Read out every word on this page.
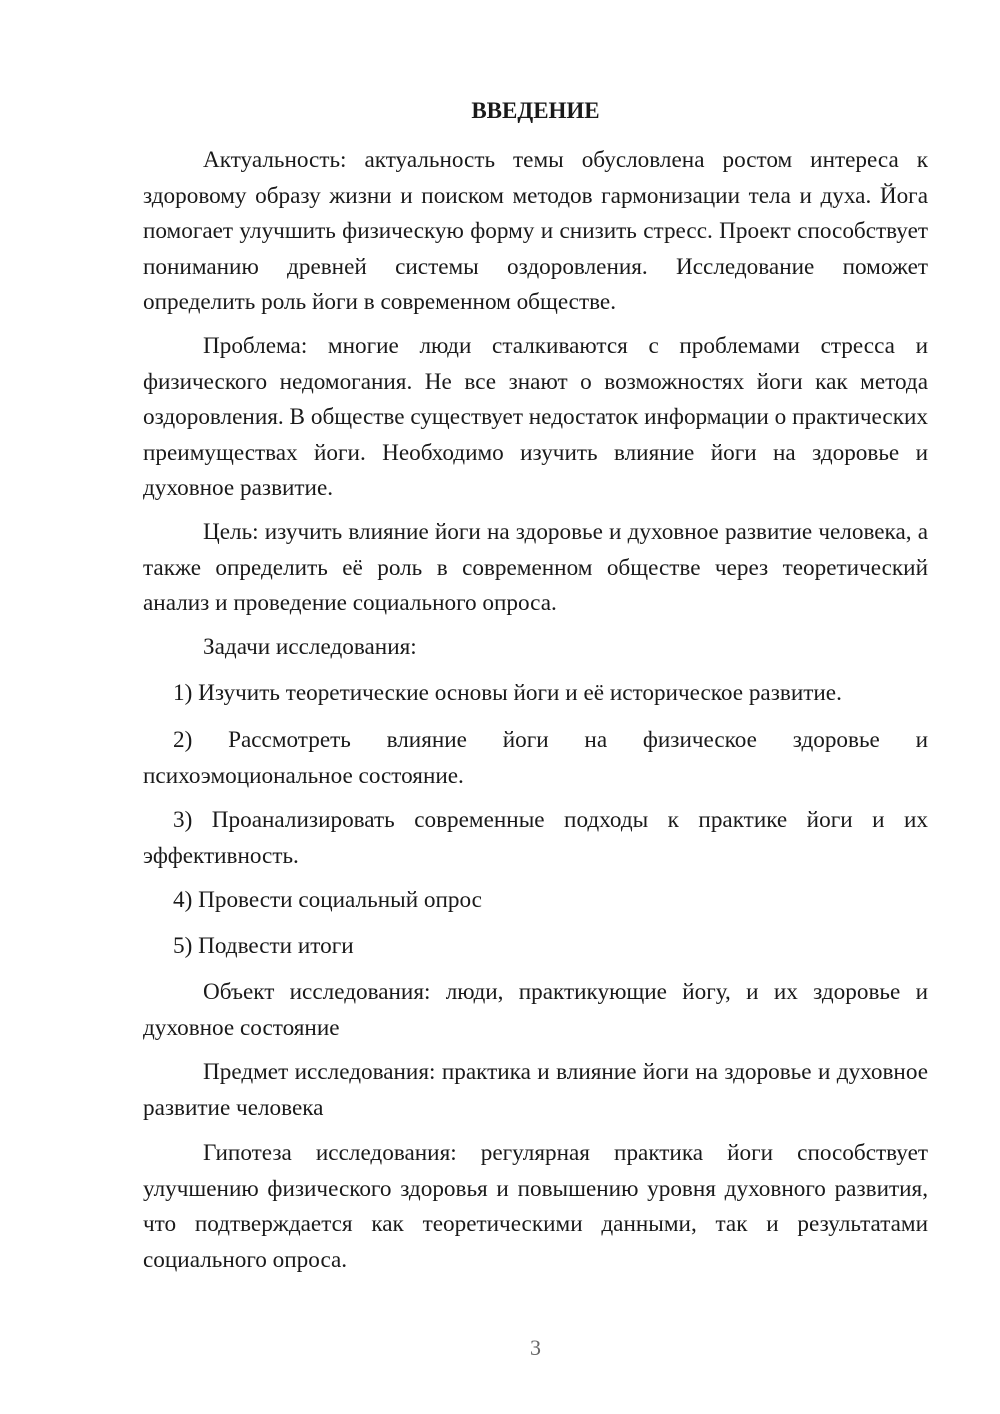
ВВЕДЕНИЕ

Актуальность: актуальность темы обусловлена ростом интереса к здоровому образу жизни и поиском методов гармонизации тела и духа. Йога помогает улучшить физическую форму и снизить стресс. Проект способствует пониманию древней системы оздоровления. Исследование поможет определить роль йоги в современном обществе.

Проблема: многие люди сталкиваются с проблемами стресса и физического недомогания. Не все знают о возможностях йоги как метода оздоровления. В обществе существует недостаток информации о практических преимуществах йоги. Необходимо изучить влияние йоги на здоровье и духовное развитие.

Цель: изучить влияние йоги на здоровье и духовное развитие человека, а также определить её роль в современном обществе через теоретический анализ и проведение социального опроса.

Задачи исследования:

1) Изучить теоретические основы йоги и её историческое развитие.

2) Рассмотреть влияние йоги на физическое здоровье и психоэмоциональное состояние.

3) Проанализировать современные подходы к практике йоги и их эффективность.

4) Провести социальный опрос

5) Подвести итоги

Объект исследования: люди, практикующие йогу, и их здоровье и духовное состояние

Предмет исследования: практика и влияние йоги на здоровье и духовное развитие человека

Гипотеза исследования: регулярная практика йоги способствует улучшению физического здоровья и повышению уровня духовного развития, что подтверждается как теоретическими данными, так и результатами социального опроса.

3
